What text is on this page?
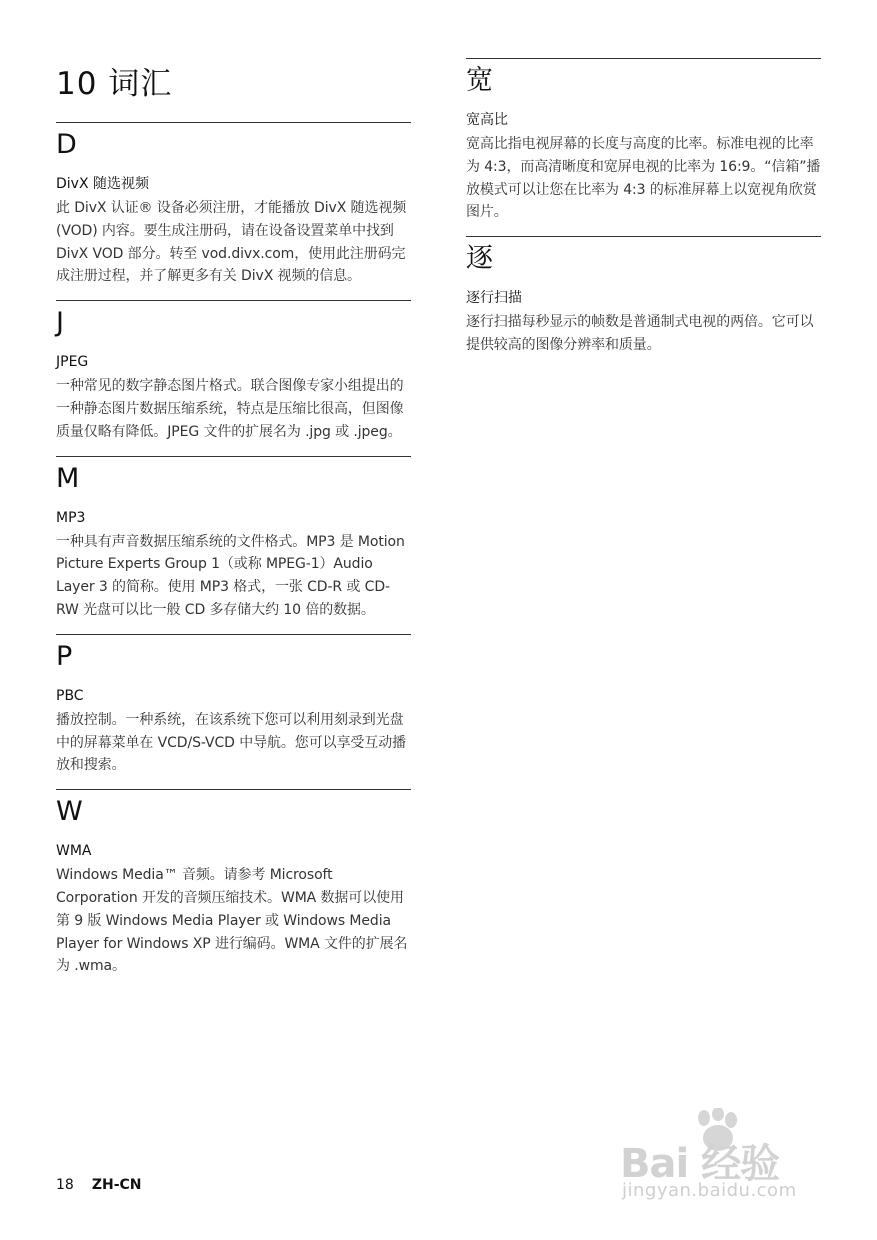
10 词汇
D
DivX 随选视频

此 DivX 认证® 设备必须注册，才能播放 DivX 随选视频 (VOD) 内容。要生成注册码，请在设备设置菜单中找到 DivX VOD 部分。转至 vod.divx.com，使用此注册码完成注册过程，并了解更多有关 DivX 视频的信息。

J
JPEG

一种常见的数字静态图片格式。联合图像专家小组提出的一种静态图片数据压缩系统，特点是压缩比很高，但图像质量仅略有降低。JPEG 文件的扩展名为 .jpg 或 .jpeg。

M
MP3

一种具有声音数据压缩系统的文件格式。MP3 是 Motion Picture Experts Group 1（或称 MPEG-1）Audio Layer 3 的简称。使用 MP3 格式，一张 CD-R 或 CD-RW 光盘可以比一般 CD 多存储大约 10 倍的数据。

P
PBC

播放控制。一种系统，在该系统下您可以利用刻录到光盘中的屏幕菜单在 VCD/S-VCD 中导航。您可以享受互动播放和搜索。

W
WMA

Windows Media™ 音频。请参考 Microsoft Corporation 开发的音频压缩技术。WMA 数据可以使用第 9 版 Windows Media Player 或 Windows Media Player for Windows XP 进行编码。WMA 文件的扩展名为 .wma。

宽
宽高比

宽高比指电视屏幕的长度与高度的比率。标准电视的比率为 4:3，而高清晰度和宽屏电视的比率为 16:9。“信箱”播放模式可以让您在比率为 4:3 的标准屏幕上以宽视角欣赏图片。

逐
逐行扫描

逐行扫描每秒显示的帧数是普通制式电视的两倍。它可以提供较高的图像分辨率和质量。

18 ZH-CN	Bai 经验
jingyan.baidu.com
